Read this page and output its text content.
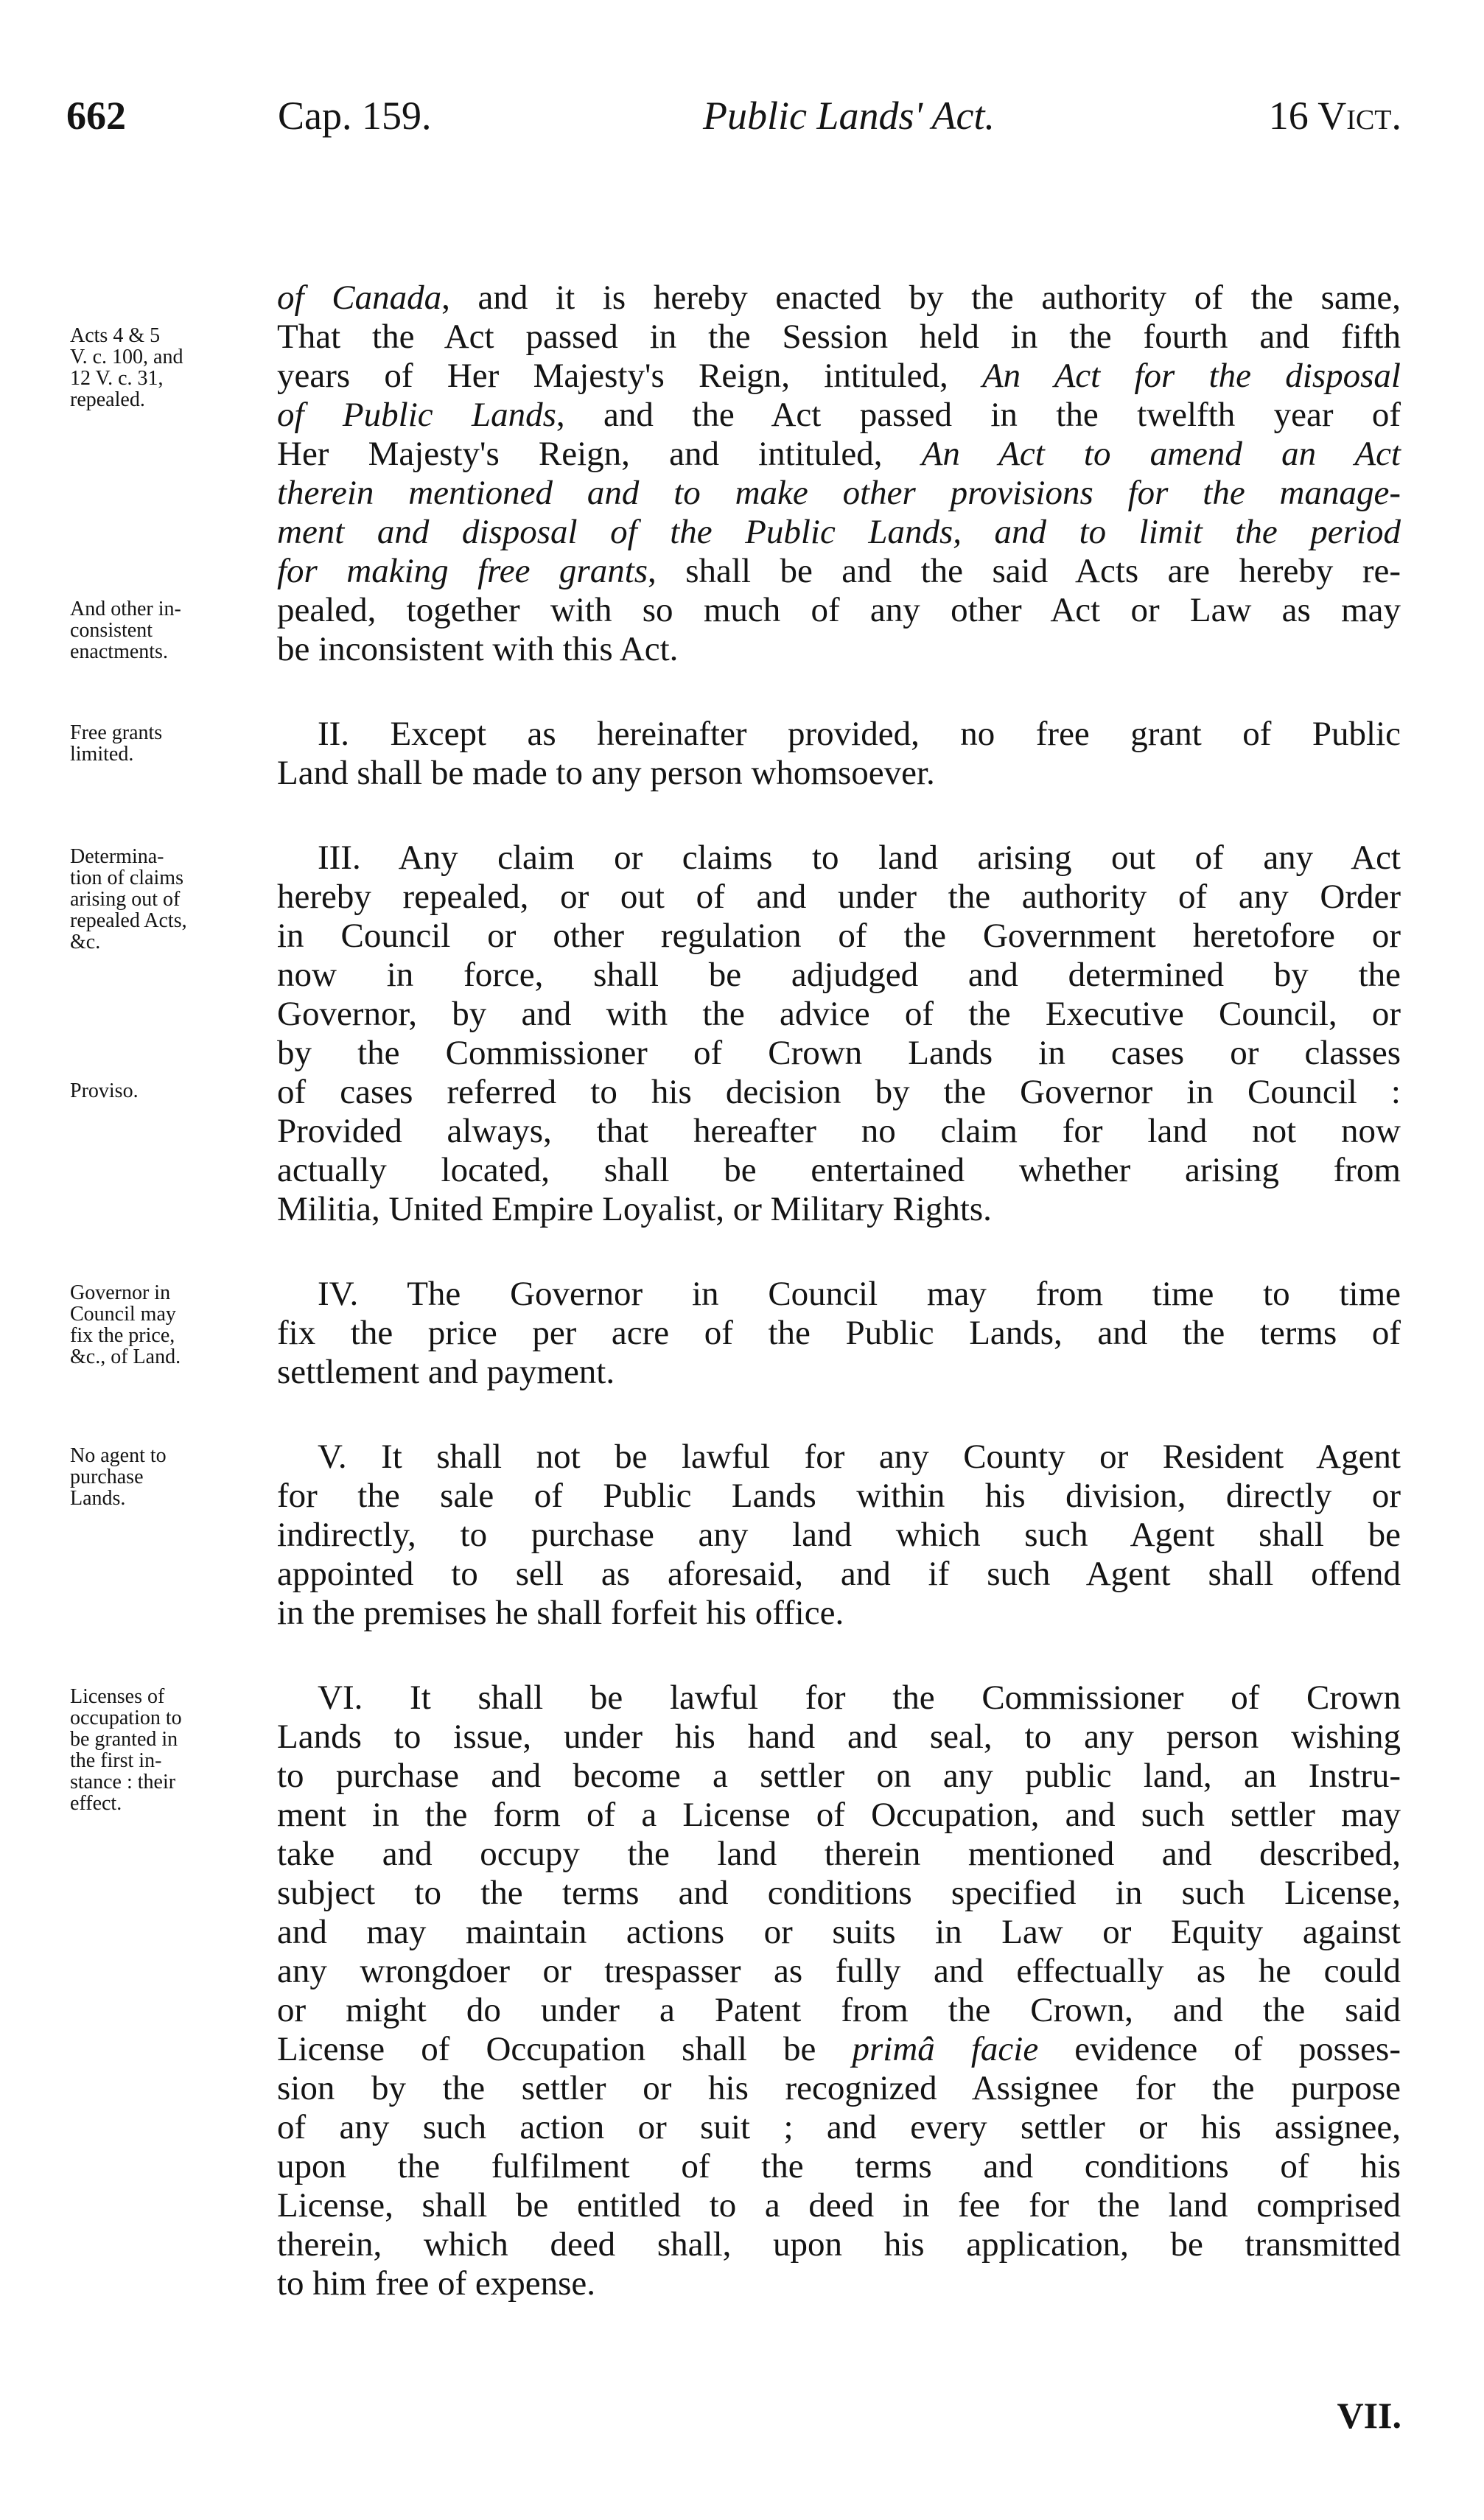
662	Cap. 159.	Public Lands' Act.	16 Vict.
of Canada, and it is hereby enacted by the authority of the same,
That the Act passed in the Session held in the fourth and fifth
years of Her Majesty's Reign, intituled, An Act for the disposal
of Public Lands, and the Act passed in the twelfth year of
Her Majesty's Reign, and intituled, An Act to amend an Act
therein mentioned and to make other provisions for the manage-
ment and disposal of the Public Lands, and to limit the period
for making free grants, shall be and the said Acts are hereby re-
pealed, together with so much of any other Act or Law as may
be inconsistent with this Act.
Acts 4 & 5
V. c. 100, and
12 V. c. 31,
repealed.
And other in-
consistent
enactments.
II. Except as hereinafter provided, no free grant of Public
Land shall be made to any person whomsoever.
Free grants
limited.
III. Any claim or claims to land arising out of any Act
hereby repealed, or out of and under the authority of any Order
in Council or other regulation of the Government heretofore or
now in force, shall be adjudged and determined by the
Governor, by and with the advice of the Executive Council, or
by the Commissioner of Crown Lands in cases or classes
of cases referred to his decision by the Governor in Council :
Provided always, that hereafter no claim for land not now
actually located, shall be entertained whether arising from
Militia, United Empire Loyalist, or Military Rights.
Determina-
tion of claims
arising out of
repealed Acts,
&c.
Proviso.
IV. The Governor in Council may from time to time
fix the price per acre of the Public Lands, and the terms of
settlement and payment.
Governor in
Council may
fix the price,
&c., of Land.
V. It shall not be lawful for any County or Resident Agent
for the sale of Public Lands within his division, directly or
indirectly, to purchase any land which such Agent shall be
appointed to sell as aforesaid, and if such Agent shall offend
in the premises he shall forfeit his office.
No agent to
purchase
Lands.
VI. It shall be lawful for the Commissioner of Crown
Lands to issue, under his hand and seal, to any person wishing
to purchase and become a settler on any public land, an Instru-
ment in the form of a License of Occupation, and such settler may
take and occupy the land therein mentioned and described,
subject to the terms and conditions specified in such License,
and may maintain actions or suits in Law or Equity against
any wrongdoer or trespasser as fully and effectually as he could
or might do under a Patent from the Crown, and the said
License of Occupation shall be primâ facie evidence of posses-
sion by the settler or his recognized Assignee for the purpose
of any such action or suit ; and every settler or his assignee,
upon the fulfilment of the terms and conditions of his
License, shall be entitled to a deed in fee for the land comprised
therein, which deed shall, upon his application, be transmitted
to him free of expense.
Licenses of
occupation to
be granted in
the first in-
stance : their
effect.
VII.
